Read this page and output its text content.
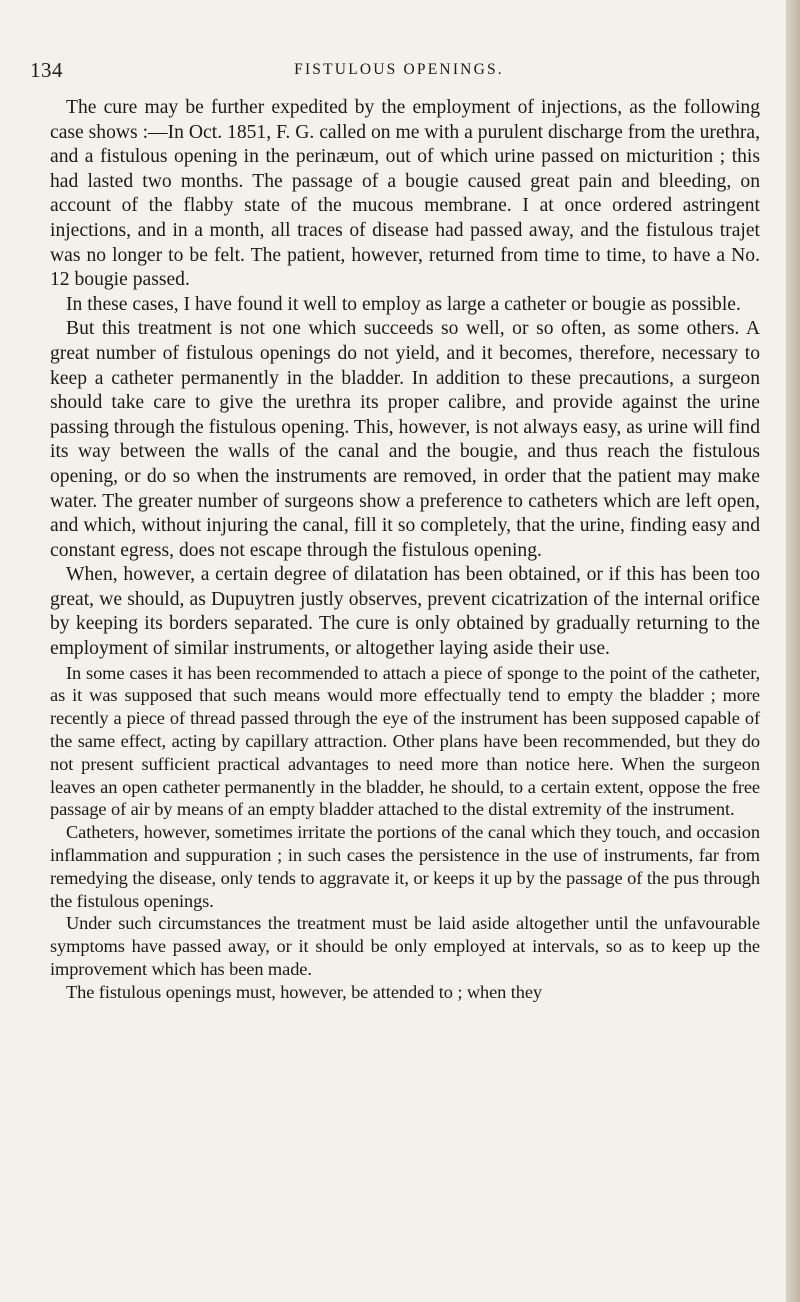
134	FISTULOUS OPENINGS.

The cure may be further expedited by the employment of injections, as the following case shows :—In Oct. 1851, F. G. called on me with a purulent discharge from the urethra, and a fistulous opening in the perinæum, out of which urine passed on micturition ; this had lasted two months. The passage of a bougie caused great pain and bleeding, on account of the flabby state of the mucous membrane. I at once ordered astringent injections, and in a month, all traces of disease had passed away, and the fistulous trajet was no longer to be felt. The patient, however, returned from time to time, to have a No. 12 bougie passed.

In these cases, I have found it well to employ as large a catheter or bougie as possible.

But this treatment is not one which succeeds so well, or so often, as some others. A great number of fistulous openings do not yield, and it becomes, therefore, necessary to keep a catheter permanently in the bladder. In addition to these precautions, a surgeon should take care to give the urethra its proper calibre, and provide against the urine passing through the fistulous opening. This, however, is not always easy, as urine will find its way between the walls of the canal and the bougie, and thus reach the fistulous opening, or do so when the instruments are removed, in order that the patient may make water. The greater number of surgeons show a preference to catheters which are left open, and which, without injuring the canal, fill it so completely, that the urine, finding easy and constant egress, does not escape through the fistulous opening.

When, however, a certain degree of dilatation has been obtained, or if this has been too great, we should, as Dupuytren justly observes, prevent cicatrization of the internal orifice by keeping its borders separated. The cure is only obtained by gradually returning to the employment of similar instruments, or altogether laying aside their use.

In some cases it has been recommended to attach a piece of sponge to the point of the catheter, as it was supposed that such means would more effectually tend to empty the bladder ; more recently a piece of thread passed through the eye of the instrument has been supposed capable of the same effect, acting by capillary attraction. Other plans have been recommended, but they do not present sufficient practical advantages to need more than notice here. When the surgeon leaves an open catheter permanently in the bladder, he should, to a certain extent, oppose the free passage of air by means of an empty bladder attached to the distal extremity of the instrument.

Catheters, however, sometimes irritate the portions of the canal which they touch, and occasion inflammation and suppuration ; in such cases the persistence in the use of instruments, far from remedying the disease, only tends to aggravate it, or keeps it up by the passage of the pus through the fistulous openings.

Under such circumstances the treatment must be laid aside altogether until the unfavourable symptoms have passed away, or it should be only employed at intervals, so as to keep up the improvement which has been made.

The fistulous openings must, however, be attended to ; when they
